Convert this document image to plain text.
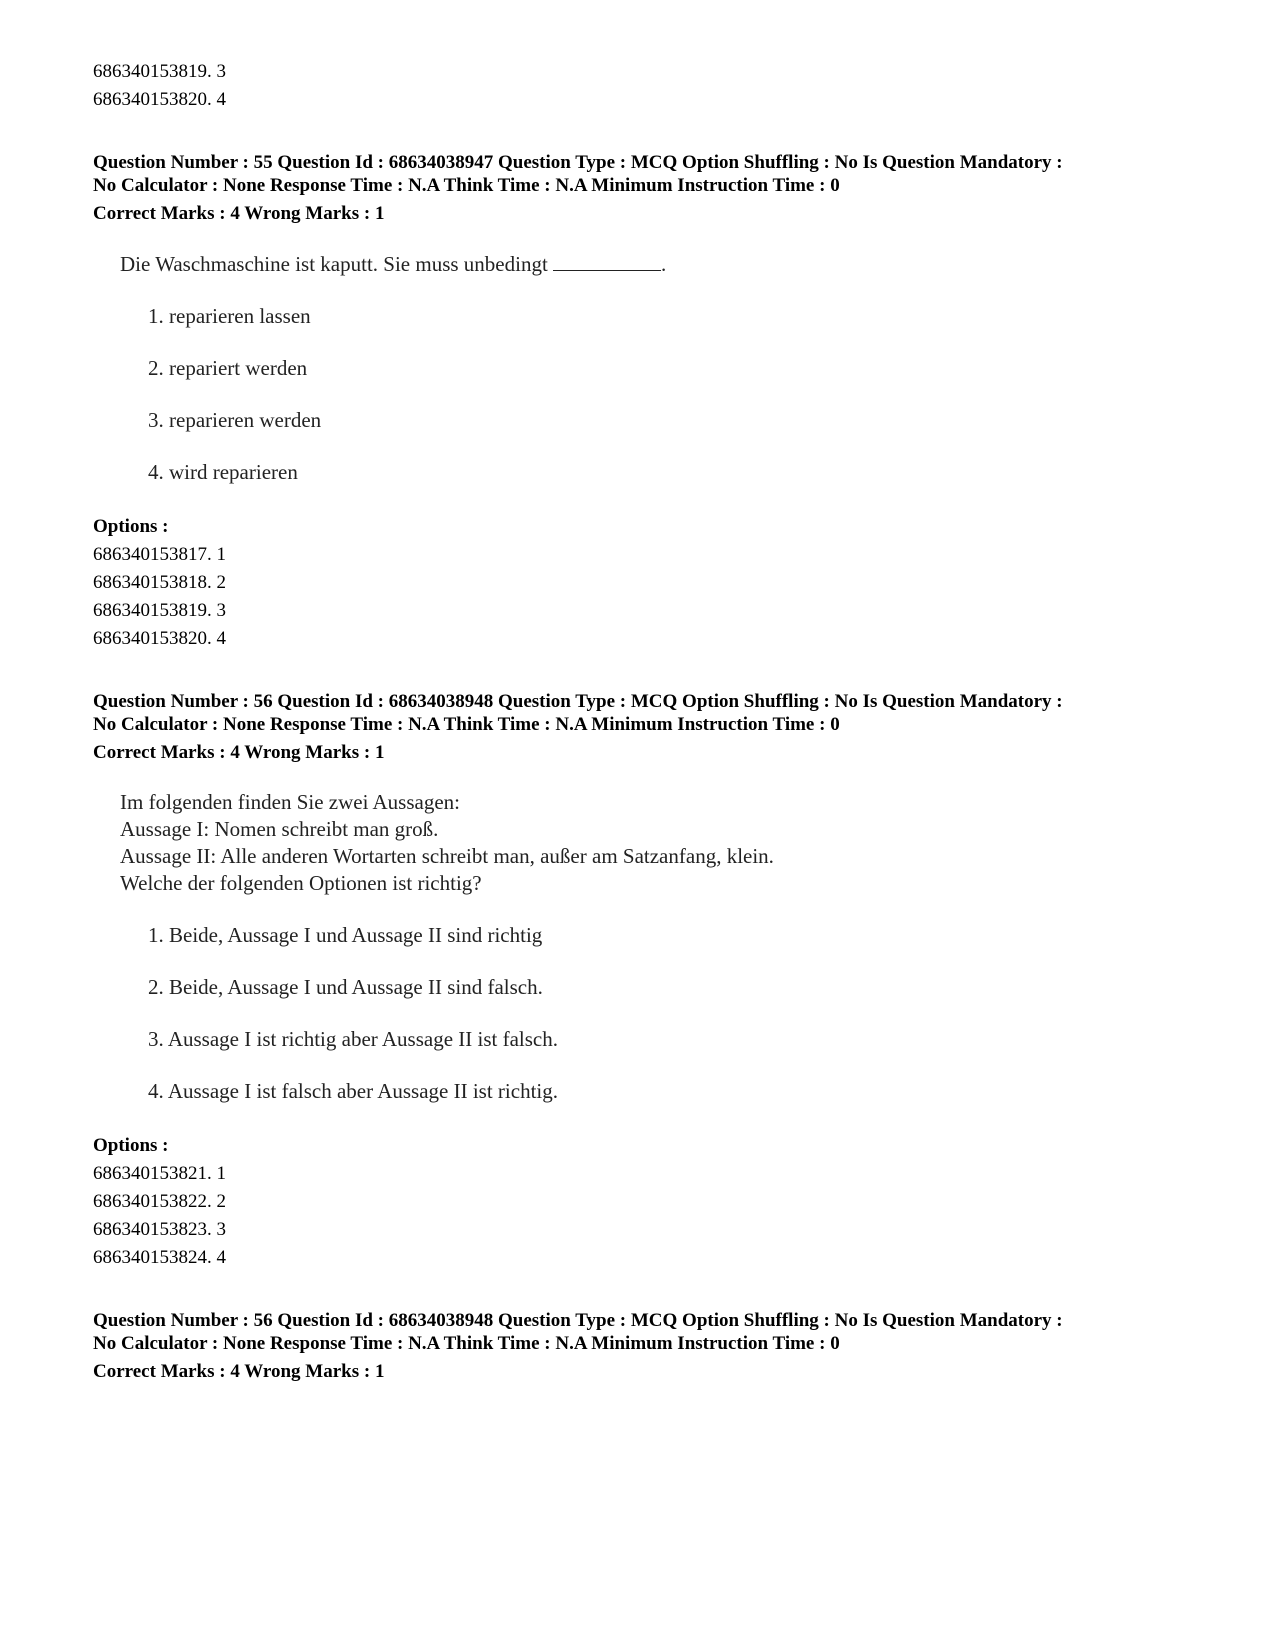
686340153819. 3
686340153820. 4
Question Number : 55 Question Id : 68634038947 Question Type : MCQ Option Shuffling : No Is Question Mandatory :
No Calculator : None Response Time : N.A Think Time : N.A Minimum Instruction Time : 0
Correct Marks : 4 Wrong Marks : 1
Die Waschmaschine ist kaputt. Sie muss unbedingt	.
1. reparieren lassen
2. repariert werden
3. reparieren werden
4. wird reparieren
Options :
686340153817. 1
686340153818. 2
686340153819. 3
686340153820. 4
Question Number : 56 Question Id : 68634038948 Question Type : MCQ Option Shuffling : No Is Question Mandatory :
No Calculator : None Response Time : N.A Think Time : N.A Minimum Instruction Time : 0
Correct Marks : 4 Wrong Marks : 1
Im folgenden finden Sie zwei Aussagen:
Aussage I: Nomen schreibt man groß.
Aussage II: Alle anderen Wortarten schreibt man, außer am Satzanfang, klein.
Welche der folgenden Optionen ist richtig?
1. Beide, Aussage I und Aussage II sind richtig
2. Beide, Aussage I und Aussage II sind falsch.
3. Aussage I ist richtig aber Aussage II ist falsch.
4. Aussage I ist falsch aber Aussage II ist richtig.
Options :
686340153821. 1
686340153822. 2
686340153823. 3
686340153824. 4
Question Number : 56 Question Id : 68634038948 Question Type : MCQ Option Shuffling : No Is Question Mandatory :
No Calculator : None Response Time : N.A Think Time : N.A Minimum Instruction Time : 0
Correct Marks : 4 Wrong Marks : 1
